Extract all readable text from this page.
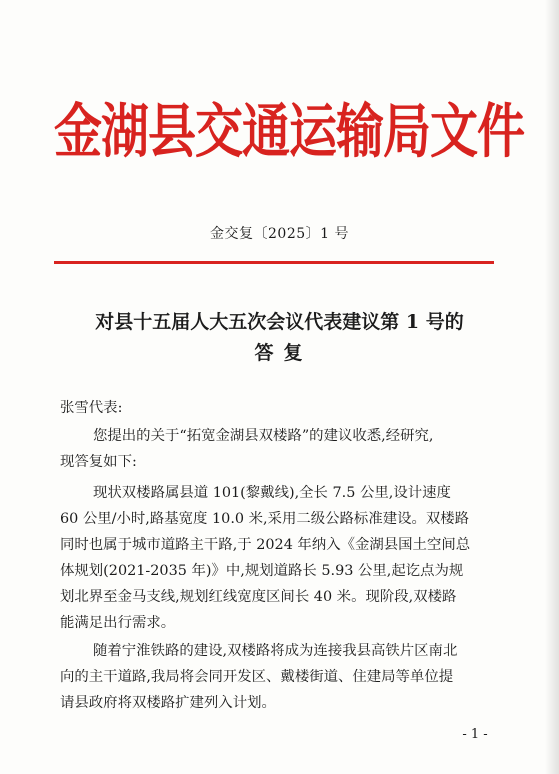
金湖县交通运输局文件
金交复〔2025〕1 号
对县十五届人大五次会议代表建议第 1 号的
答复
张雪代表:
您提出的关于“拓宽金湖县双楼路”的建议收悉,经研究,
现答复如下:
现状双楼路属县道 101(黎戴线),全长 7.5 公里,设计速度
60 公里/小时,路基宽度 10.0 米,采用二级公路标准建设。双楼路
同时也属于城市道路主干路,于 2024 年纳入《金湖县国土空间总
体规划(2021-2035 年)》中,规划道路长 5.93 公里,起讫点为规
划北界至金马支线,规划红线宽度区间长 40 米。现阶段,双楼路
能满足出行需求。
随着宁淮铁路的建设,双楼路将成为连接我县高铁片区南北
向的主干道路,我局将会同开发区、戴楼街道、住建局等单位提
请县政府将双楼路扩建列入计划。
- 1 -
